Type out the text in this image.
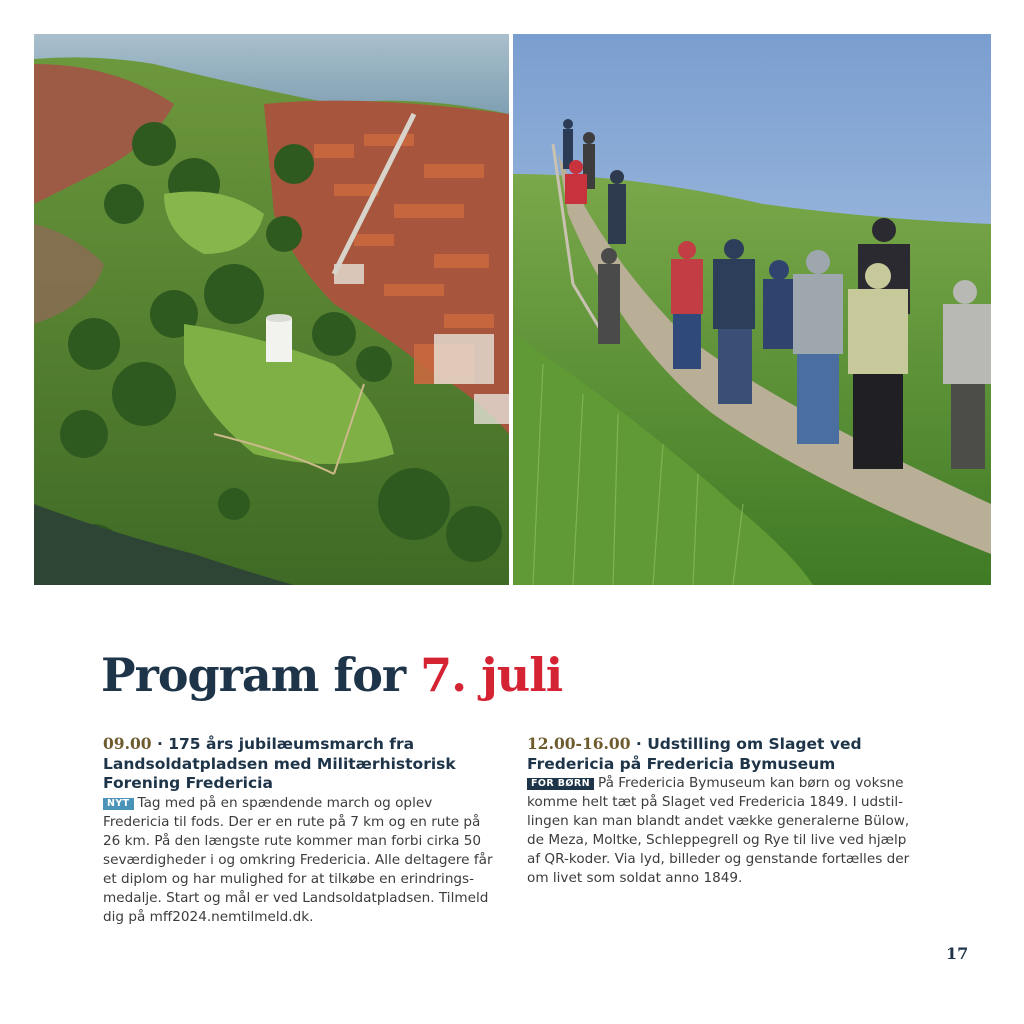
Program for 7. juli
09.00 · 175 års jubilæumsmarch fra Landsoldatpladsen med Militærhistorisk Forening Fredericia

NYT Tag med på en spændende march og oplev Fredericia til fods. Der er en rute på 7 km og en rute på 26 km. På den længste rute kommer man forbi cirka 50 seværdigheder i og omkring Fredericia. Alle deltagere får et diplom og har mulighed for at tilkøbe en erindrings-medalje. Start og mål er ved Landsoldatpladsen. Tilmeld dig på mff2024.nemtilmeld.dk.

12.00-16.00 · Udstilling om Slaget ved Fredericia på Fredericia Bymuseum

FOR BØRN På Fredericia Bymuseum kan børn og voksne komme helt tæt på Slaget ved Fredericia 1849. I udstil-lingen kan man blandt andet vække generalerne Bülow, de Meza, Moltke, Schleppegrell og Rye til live ved hjælp af QR-koder. Via lyd, billeder og genstande fortælles der om livet som soldat anno 1849.

17
